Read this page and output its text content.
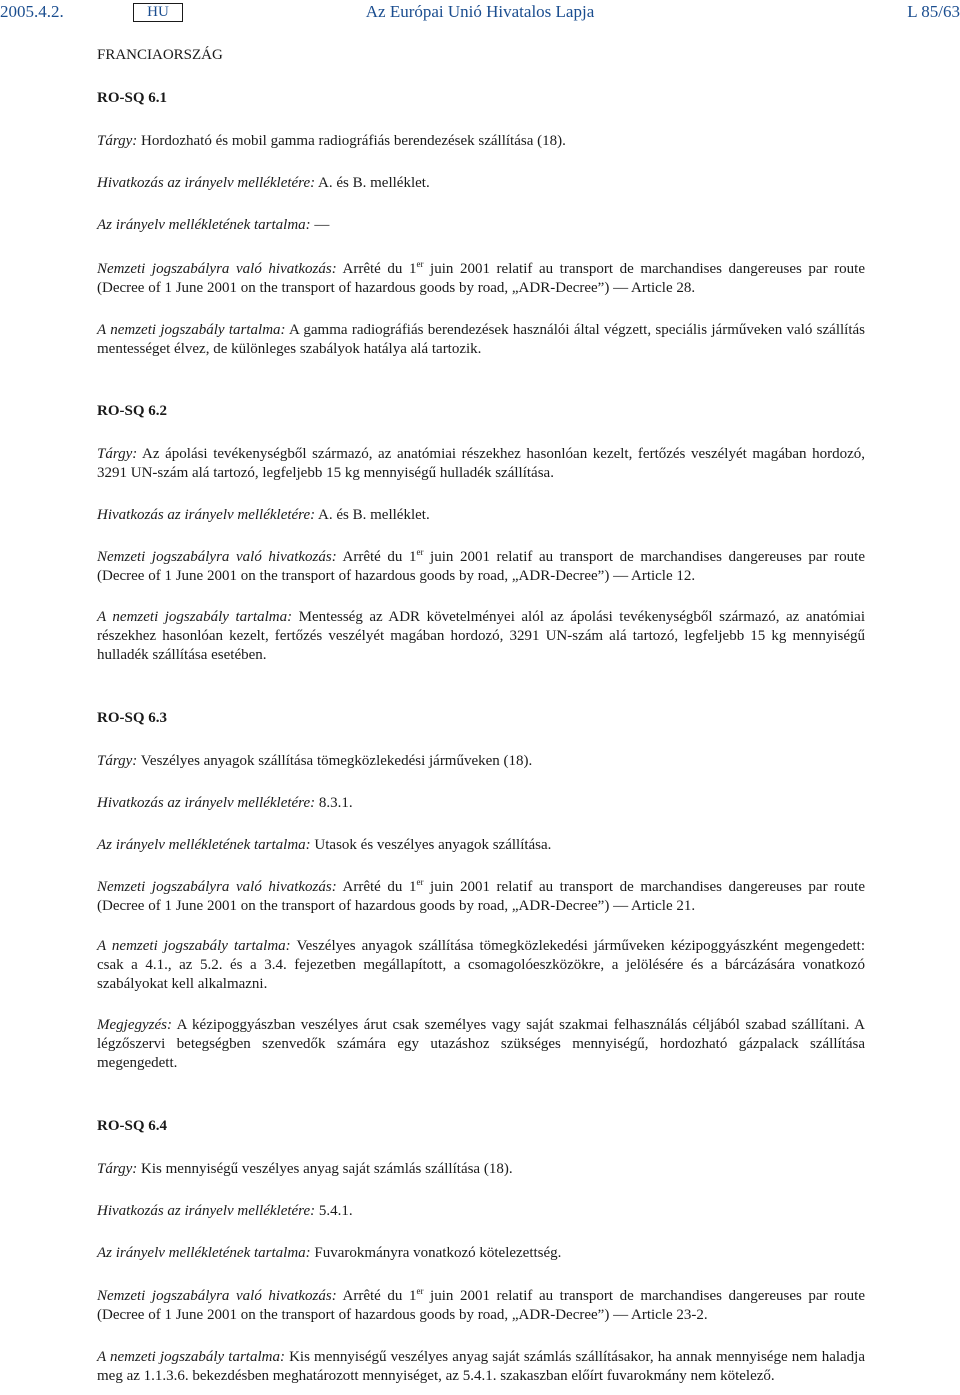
Az Európai Unió Hivatalos Lapja
2005.4.2.	HU	L 85/63
FRANCIAORSZÁG
RO-SQ 6.1
Tárgy: Hordozható és mobil gamma radiográfiás berendezések szállítása (18).
Hivatkozás az irányelv mellékletére: A. és B. melléklet.
Az irányelv mellékletének tartalma: —
Nemzeti jogszabályra való hivatkozás: Arrêté du 1er juin 2001 relatif au transport de marchandises dangereuses par route (Decree of 1 June 2001 on the transport of hazardous goods by road, „ADR-Decree”) — Article 28.
A nemzeti jogszabály tartalma: A gamma radiográfiás berendezések használói által végzett, speciális járműveken való szállítás mentességet élvez, de különleges szabályok hatálya alá tartozik.
RO-SQ 6.2
Tárgy: Az ápolási tevékenységből származó, az anatómiai részekhez hasonlóan kezelt, fertőzés veszélyét magában hordozó, 3291 UN-szám alá tartozó, legfeljebb 15 kg mennyiségű hulladék szállítása.
Hivatkozás az irányelv mellékletére: A. és B. melléklet.
Nemzeti jogszabályra való hivatkozás: Arrêté du 1er juin 2001 relatif au transport de marchandises dangereuses par route (Decree of 1 June 2001 on the transport of hazardous goods by road, „ADR-Decree”) — Article 12.
A nemzeti jogszabály tartalma: Mentesség az ADR követelményei alól az ápolási tevékenységből származó, az anatómiai részekhez hasonlóan kezelt, fertőzés veszélyét magában hordozó, 3291 UN-szám alá tartozó, legfeljebb 15 kg mennyiségű hulladék szállítása esetében.
RO-SQ 6.3
Tárgy: Veszélyes anyagok szállítása tömegközlekedési járműveken (18).
Hivatkozás az irányelv mellékletére: 8.3.1.
Az irányelv mellékletének tartalma: Utasok és veszélyes anyagok szállítása.
Nemzeti jogszabályra való hivatkozás: Arrêté du 1er juin 2001 relatif au transport de marchandises dangereuses par route (Decree of 1 June 2001 on the transport of hazardous goods by road, „ADR-Decree”) — Article 21.
A nemzeti jogszabály tartalma: Veszélyes anyagok szállítása tömegközlekedési járműveken kézipoggyászként megengedett: csak a 4.1., az 5.2. és a 3.4. fejezetben megállapított, a csomagolóeszközökre, a jelölésére és a bárcázására vonatkozó szabályokat kell alkalmazni.
Megjegyzés: A kézipoggyászban veszélyes árut csak személyes vagy saját szakmai felhasználás céljából szabad szállítani. A légzőszervi betegségben szenvedők számára egy utazáshoz szükséges mennyiségű, hordozható gázpalack szállítása megengedett.
RO-SQ 6.4
Tárgy: Kis mennyiségű veszélyes anyag saját számlás szállítása (18).
Hivatkozás az irányelv mellékletére: 5.4.1.
Az irányelv mellékletének tartalma: Fuvarokmányra vonatkozó kötelezettség.
Nemzeti jogszabályra való hivatkozás: Arrêté du 1er juin 2001 relatif au transport de marchandises dangereuses par route (Decree of 1 June 2001 on the transport of hazardous goods by road, „ADR-Decree”) — Article 23-2.
A nemzeti jogszabály tartalma: Kis mennyiségű veszélyes anyag saját számlás szállításakor, ha annak mennyisége nem haladja meg az 1.1.3.6. bekezdésben meghatározott mennyiséget, az 5.4.1. szakaszban előírt fuvarokmány nem kötelező.
